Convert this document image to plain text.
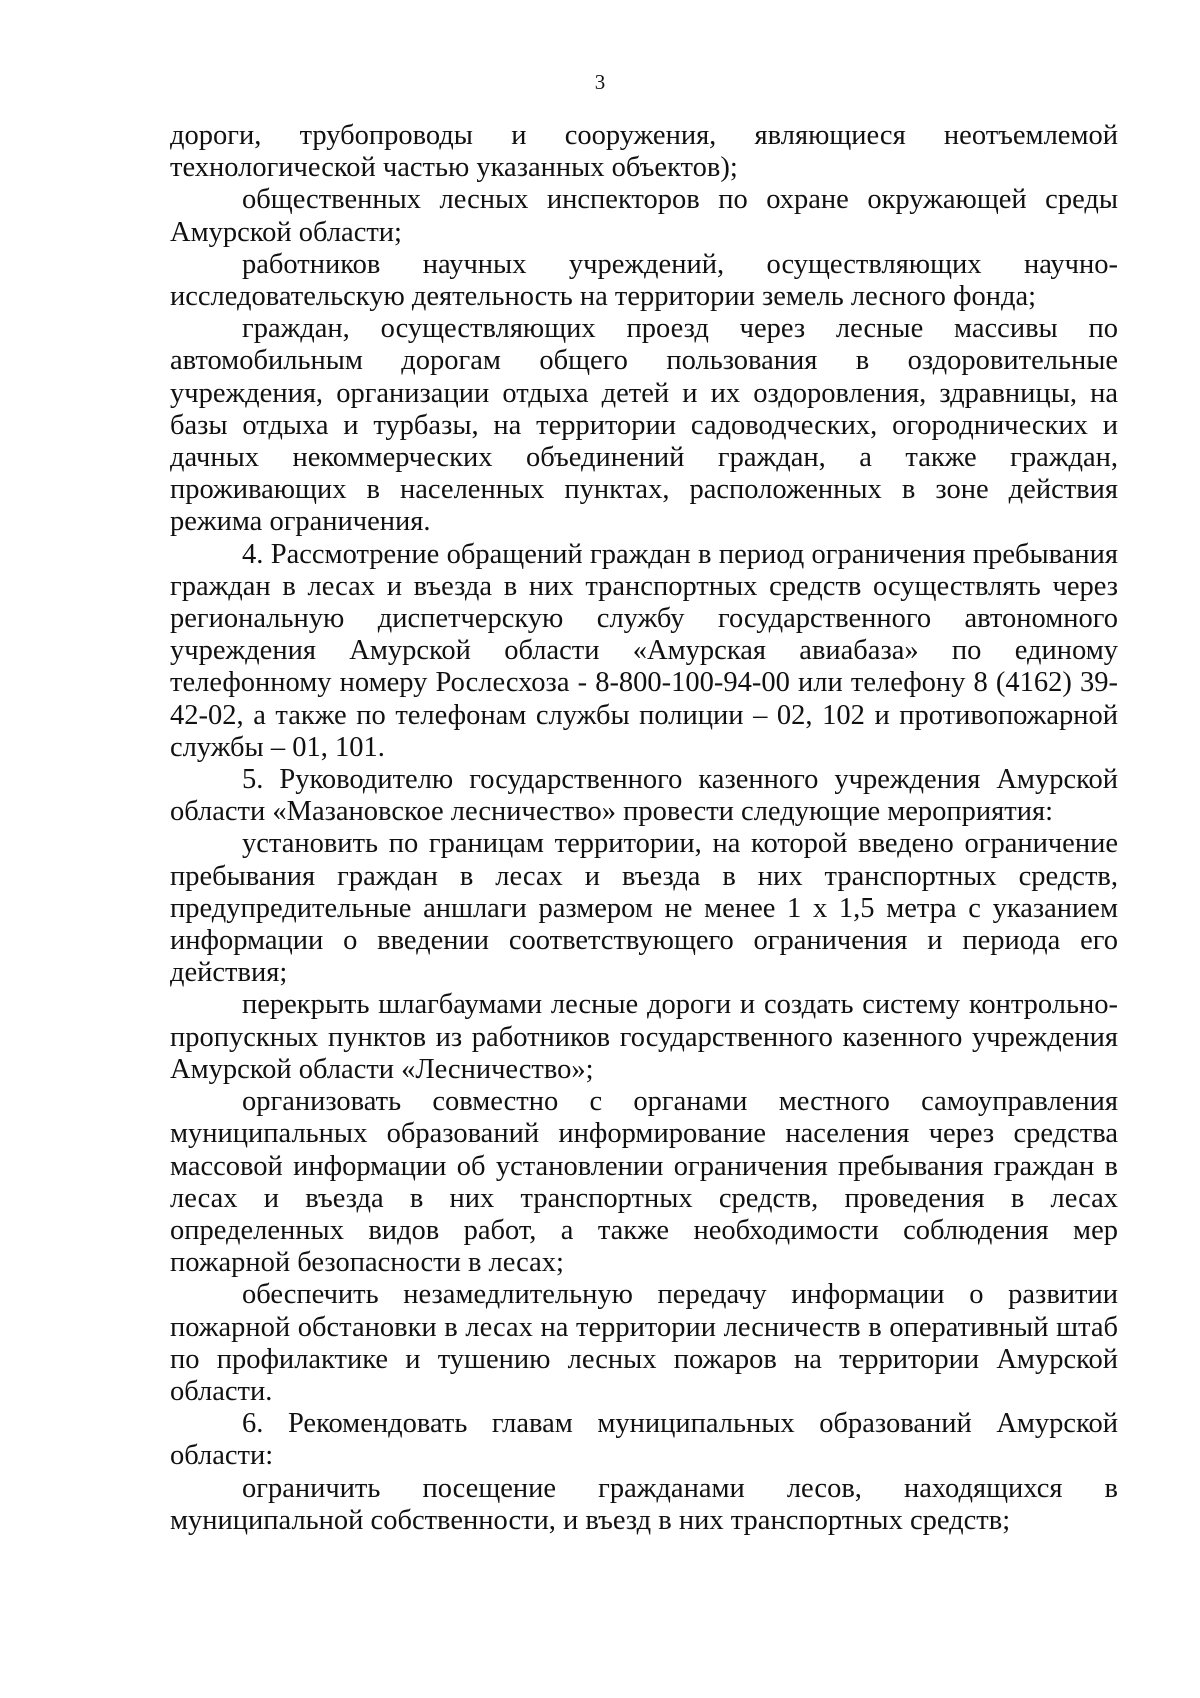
3

дороги, трубопроводы и сооружения, являющиеся неотъемлемой технологической частью указанных объектов);

общественных лесных инспекторов по охране окружающей среды Амурской области;

работников научных учреждений, осуществляющих научно-исследовательскую деятельность на территории земель лесного фонда;

граждан, осуществляющих проезд через лесные массивы по автомобильным дорогам общего пользования в оздоровительные учреждения, организации отдыха детей и их оздоровления, здравницы, на базы отдыха и турбазы, на территории садоводческих, огороднических и дачных некоммерческих объединений граждан, а также граждан, проживающих в населенных пунктах, расположенных в зоне действия режима ограничения.

4. Рассмотрение обращений граждан в период ограничения пребывания граждан в лесах и въезда в них транспортных средств осуществлять через региональную диспетчерскую службу государственного автономного учреждения Амурской области «Амурская авиабаза» по единому телефонному номеру Рослесхоза - 8-800-100-94-00 или телефону 8 (4162) 39-42-02, а также по телефонам службы полиции – 02, 102 и противопожарной службы – 01, 101.

5. Руководителю государственного казенного учреждения Амурской области «Мазановское лесничество» провести следующие мероприятия:

установить по границам территории, на которой введено ограничение пребывания граждан в лесах и въезда в них транспортных средств, предупредительные аншлаги размером не менее 1 х 1,5 метра с указанием информации о введении соответствующего ограничения и периода его действия;

перекрыть шлагбаумами лесные дороги и создать систему контрольно-пропускных пунктов из работников государственного казенного учреждения Амурской области «Лесничество»;

организовать совместно с органами местного самоуправления муниципальных образований информирование населения через средства массовой информации об установлении ограничения пребывания граждан в лесах и въезда в них транспортных средств, проведения в лесах определенных видов работ, а также необходимости соблюдения мер пожарной безопасности в лесах;

обеспечить незамедлительную передачу информации о развитии пожарной обстановки в лесах на территории лесничеств в оперативный штаб по профилактике и тушению лесных пожаров на территории Амурской области.

6. Рекомендовать главам муниципальных образований Амурской области:

ограничить посещение гражданами лесов, находящихся в муниципальной собственности, и въезд в них транспортных средств;
